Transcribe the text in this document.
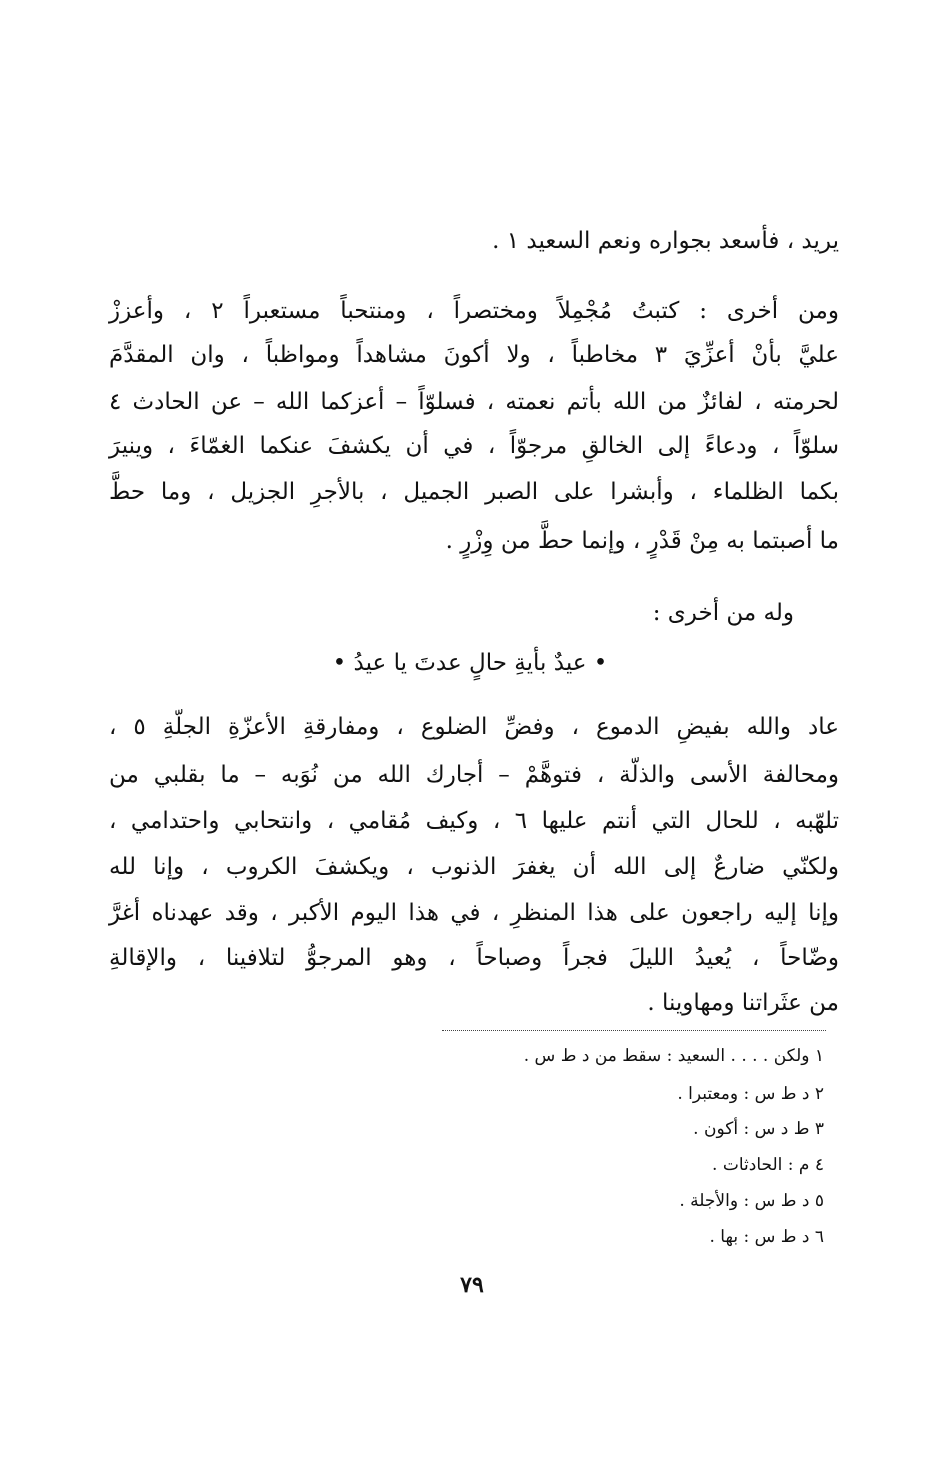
يريد ، فأسعد بجواره ونعم السعيد ١ .
ومن أخرى : كتبتُ مُجْمِلاً ومختصراً ، ومنتحباً مستعبراً ٢ ، وأعززْ
عليَّ بأنْ أعزِّيَ ٣ مخاطباً ، ولا أكونَ مشاهداً ومواظباً ، وان المقدَّمَ
لحرمته ، لفائزٌ من الله بأتم نعمته ، فسلوّاً – أعزكما الله – عن الحادث ٤
سلوّاً ، ودعاءً إلى الخالقِ مرجوّاً ، في أن يكشفَ عنكما الغمّاءَ ، وينيرَ
بكما الظلماء ، وأبشرا على الصبر الجميل ، بالأجرِ الجزيل ، وما حطَّ
ما أصبتما به مِنْ قَدْرٍ ، وإنما حطَّ من وِزْرٍ .
وله من أخرى :
• عيدٌ بأيةِ حالٍ عدتَ يا عيدُ •
عاد والله بفيضِ الدموع ، وفضِّ الضلوع ، ومفارقةِ الأعزّةِ الجلّةِ ٥ ،
ومحالفة الأسى والذلّة ، فتوهَّمْ – أجارك الله من نُوَبه – ما بقلبي من
تلهّبه ، للحال التي أنتم عليها ٦ ، وكيف مُقامي ، وانتحابي واحتدامي ،
ولكنّي ضارعٌ إلى الله أن يغفرَ الذنوب ، ويكشفَ الكروب ، وإنا لله
وإنا إليه راجعون على هذا المنظرِ ، في هذا اليوم الأكبر ، وقد عهدناه أغرَّ
وضّاحاً ، يُعيدُ الليلَ فجراً وصباحاً ، وهو المرجوُّ لتلافينا ، والإقالةِ
من عثَراتنا ومهاوينا .
١ ولكن . . . . السعيد : سقط من د ط س .
٢ د ط س : ومعتبرا .
٣ ط د س : أكون .
٤ م : الحادثات .
٥ د ط س : والأجلة .
٦ د ط س : بها .
٧٩
